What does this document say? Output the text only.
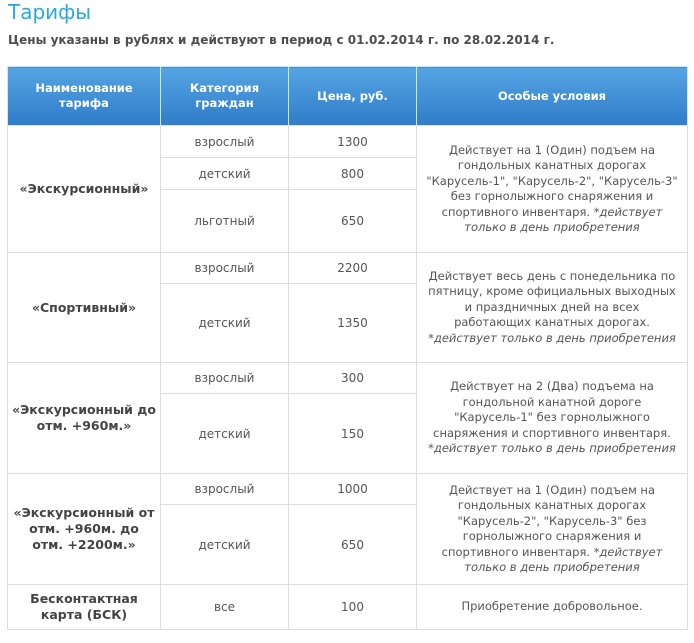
Тарифы
Цены указаны в рублях и действуют в период с 01.02.2014 г. по 28.02.2014 г.
Наименование тарифа	Категория граждан	Цена, руб.	Особые условия
«Экскурсионный»	взрослый	1300	Действует на 1 (Один) подъем на гондольных канатных дорогах "Карусель-1", "Карусель-2", "Карусель-3" без горнолыжного снаряжения и спортивного инвентаря. *действует только в день приобретения
	детский	800	
	льготный	650	
«Спортивный»	взрослый	2200	Действует весь день с понедельника по пятницу, кроме официальных выходных и праздничных дней на всех работающих канатных дорогах. *действует только в день приобретения
	детский	1350	
«Экскурсионный до отм. +960м.»	взрослый	300	Действует на 2 (Два) подъема на гондольной канатной дороге "Карусель-1" без горнолыжного снаряжения и спортивного инвентаря. *действует только в день приобретения
	детский	150	
«Экскурсионный от отм. +960м. до отм. +2200м.»	взрослый	1000	Действует на 1 (Один) подъем на гондольных канатных дорогах "Карусель-2", "Карусель-3" без горнолыжного снаряжения и спортивного инвентаря. *действует только в день приобретения
	детский	650	
Бесконтактная карта (БСК)	все	100	Приобретение добровольное.
